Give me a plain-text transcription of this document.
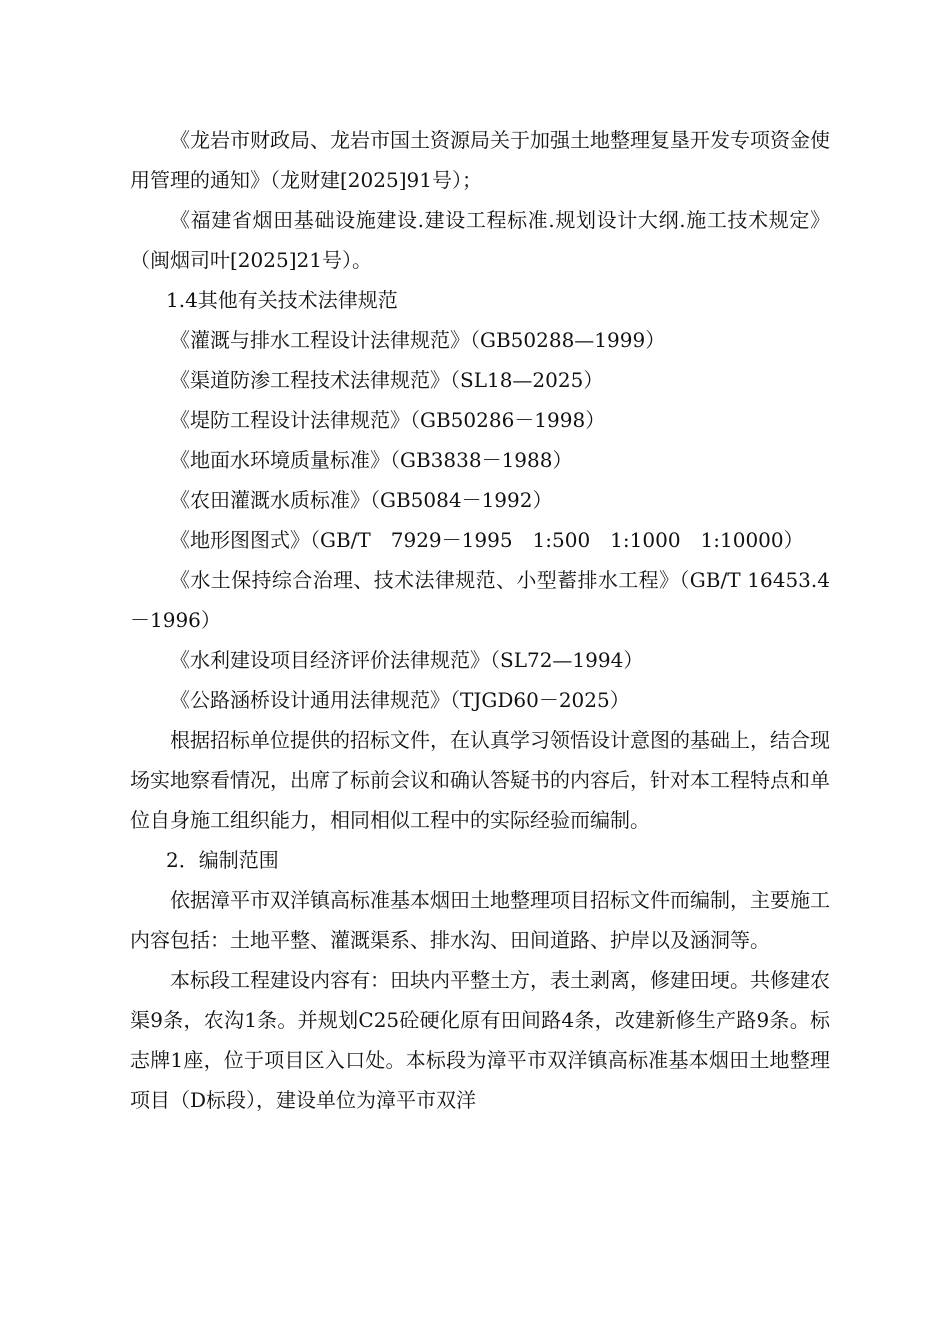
《龙岩市财政局、龙岩市国土资源局关于加强土地整理复垦开发专项资金使用管理的通知》（龙财建[2025]91号）；

《福建省烟田基础设施建设.建设工程标准.规划设计大纲.施工技术规定》（闽烟司叶[2025]21号）。

1.4其他有关技术法律规范

《灌溉与排水工程设计法律规范》（GB50288—1999）

《渠道防渗工程技术法律规范》（SL18—2025）

《堤防工程设计法律规范》（GB50286－1998）

《地面水环境质量标准》（GB3838－1988）

《农田灌溉水质标准》（GB5084－1992）

《地形图图式》（GB/T　7929－1995　1:500　1:1000　1:10000）

《水土保持综合治理、技术法律规范、小型蓄排水工程》（GB/T 16453.4－1996）

《水利建设项目经济评价法律规范》（SL72—1994）

《公路涵桥设计通用法律规范》（TJGD60－2025）

根据招标单位提供的招标文件，在认真学习领悟设计意图的基础上，结合现场实地察看情况，出席了标前会议和确认答疑书的内容后，针对本工程特点和单位自身施工组织能力，相同相似工程中的实际经验而编制。

2．编制范围

依据漳平市双洋镇高标准基本烟田土地整理项目招标文件而编制，主要施工内容包括：土地平整、灌溉渠系、排水沟、田间道路、护岸以及涵洞等。

本标段工程建设内容有：田块内平整土方，表土剥离，修建田埂。共修建农渠9条，农沟1条。并规划C25砼硬化原有田间路4条，改建新修生产路9条。标志牌1座，位于项目区入口处。本标段为漳平市双洋镇高标准基本烟田土地整理项目（D标段），建设单位为漳平市双洋
